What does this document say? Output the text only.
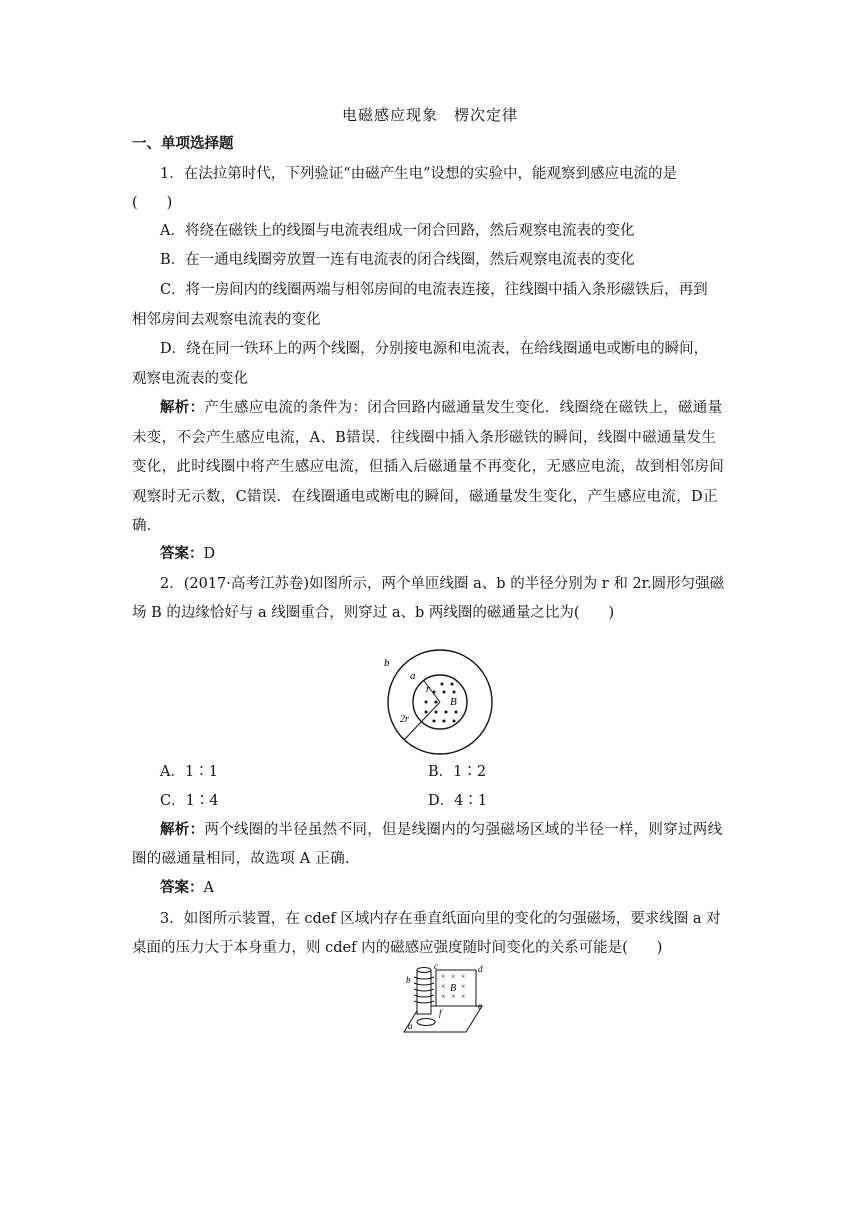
电磁感应现象　楞次定律
一、单项选择题
1．在法拉第时代，下列验证“由磁产生电”设想的实验中，能观察到感应电流的是
(　　)
A．将绕在磁铁上的线圈与电流表组成一闭合回路，然后观察电流表的变化
B．在一通电线圈旁放置一连有电流表的闭合线圈，然后观察电流表的变化
C．将一房间内的线圈两端与相邻房间的电流表连接，往线圈中插入条形磁铁后，再到
相邻房间去观察电流表的变化
D．绕在同一铁环上的两个线圈，分别接电源和电流表，在给线圈通电或断电的瞬间，
观察电流表的变化
解析：产生感应电流的条件为：闭合回路内磁通量发生变化．线圈绕在磁铁上，磁通量
未变，不会产生感应电流，A、B错误．往线圈中插入条形磁铁的瞬间，线圈中磁通量发生
变化，此时线圈中将产生感应电流，但插入后磁通量不再变化，无感应电流，故到相邻房间
观察时无示数，C错误．在线圈通电或断电的瞬间，磁通量发生变化，产生感应电流，D正
确．
答案：D
2．(2017·高考江苏卷)如图所示，两个单匝线圈 a、b 的半径分别为 r 和 2r.圆形匀强磁
场 B 的边缘恰好与 a 线圈重合，则穿过 a、b 两线圈的磁通量之比为(　　)
b
a
r
B
2r
A．1∶1	B．1∶2
C．1∶4	D．4∶1
解析：两个线圈的半径虽然不同，但是线圈内的匀强磁场区域的半径一样，则穿过两线
圈的磁通量相同，故选项 A 正确．
答案：A
3．如图所示装置，在 cdef 区域内存在垂直纸面向里的变化的匀强磁场，要求线圈 a 对
桌面的压力大于本身重力，则 cdef 内的磁感应强度随时间变化的关系可能是(　　)
× × ×
× ×
× × ×
B
b
c	d
e
f
a
